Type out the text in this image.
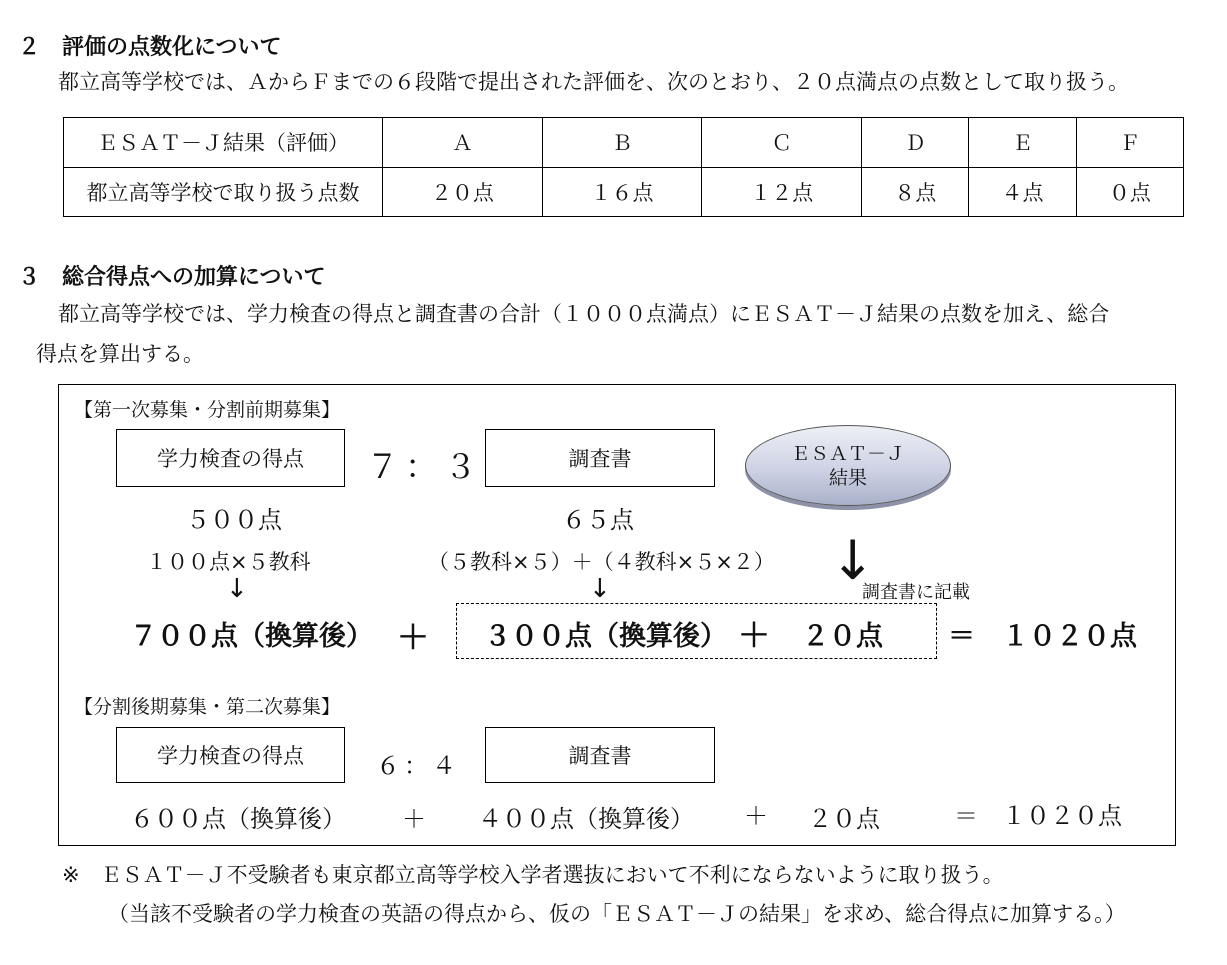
２　評価の点数化について
都立高等学校では、ＡからＦまでの６段階で提出された評価を、次のとおり、２０点満点の点数として取り扱う。
ＥＳＡＴ－Ｊ結果（評価）	Ａ	Ｂ	Ｃ	Ｄ	Ｅ	Ｆ
都立高等学校で取り扱う点数	２０点	１６点	１２点	８点	４点	０点
３　総合得点への加算について
都立高等学校では、学力検査の得点と調査書の合計（１０００点満点）にＥＳＡＴ－Ｊ結果の点数を加え、総合
得点を算出する。
【第一次募集・分割前期募集】
学力検査の得点	７：３	調査書	ＥＳＡＴ－Ｊ
結果
５００点	６５点
１００点×５教科	（５教科×５）＋（４教科×５×２）
↓	↓	↓
調査書に記載
７００点（換算後） ＋ ３００点（換算後） ＋ ２０点 ＝　１０２０点
【分割後期募集・第二次募集】
学力検査の得点	６：４	調査書
６００点（換算後） ＋ ４００点（換算後） ＋ ２０点	＝　１０２０点
※　ＥＳＡＴ－Ｊ不受験者も東京都立高等学校入学者選抜において不利にならないように取り扱う。
（当該不受験者の学力検査の英語の得点から、仮の「ＥＳＡＴ－Ｊの結果」を求め、総合得点に加算する。）
